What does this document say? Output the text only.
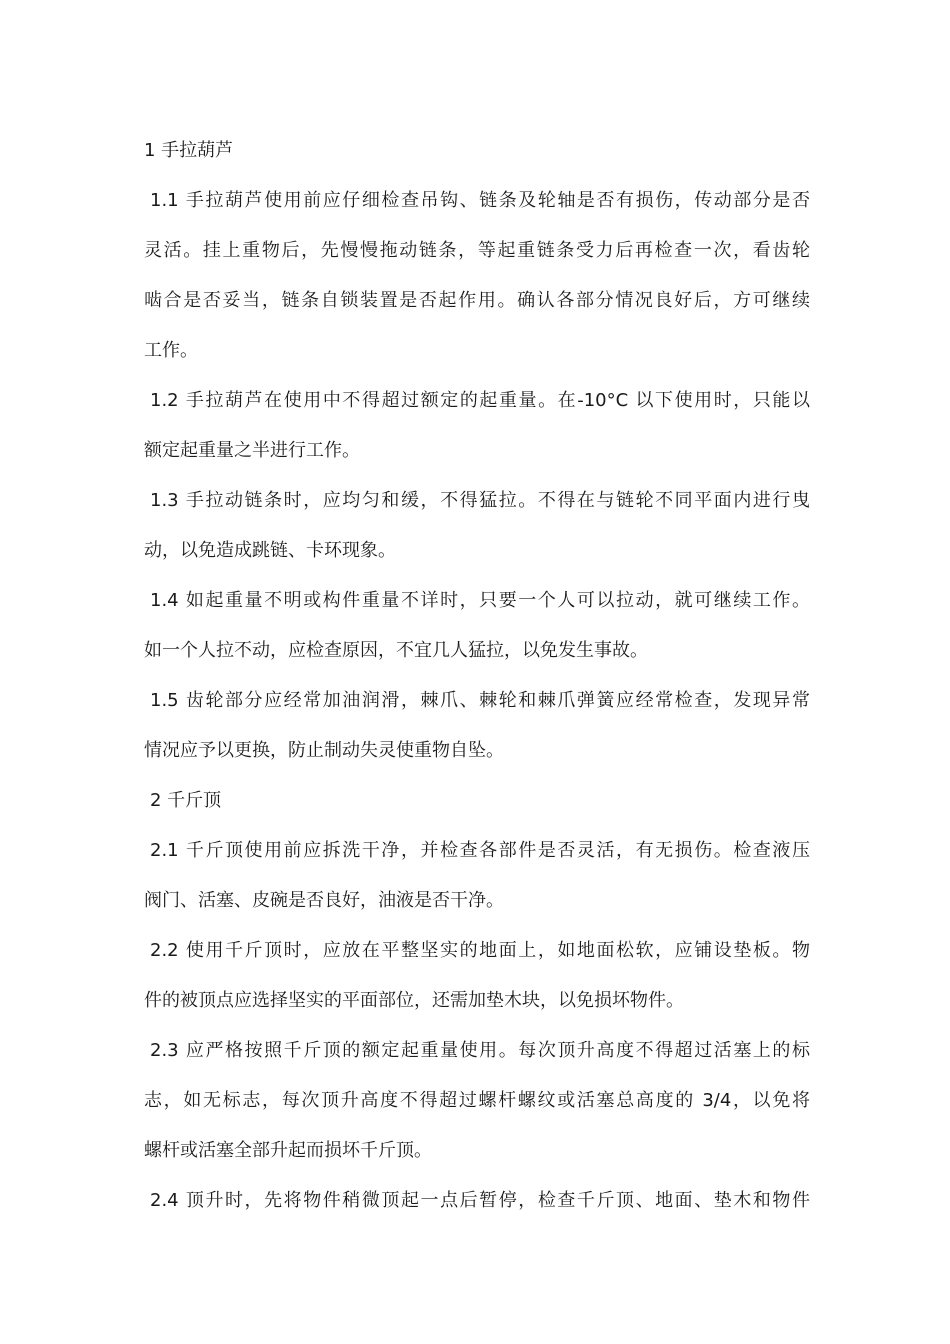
1 手拉葫芦
1.1 手拉葫芦使用前应仔细检查吊钩、链条及轮轴是否有损伤，传动部分是否
灵活。挂上重物后，先慢慢拖动链条，等起重链条受力后再检查一次，看齿轮
啮合是否妥当，链条自锁装置是否起作用。确认各部分情况良好后，方可继续
工作。
1.2 手拉葫芦在使用中不得超过额定的起重量。在-10°C 以下使用时，只能以
额定起重量之半进行工作。
1.3 手拉动链条时，应均匀和缓，不得猛拉。不得在与链轮不同平面内进行曳
动，以免造成跳链、卡环现象。
1.4 如起重量不明或构件重量不详时，只要一个人可以拉动，就可继续工作。
如一个人拉不动，应检查原因，不宜几人猛拉，以免发生事故。
1.5 齿轮部分应经常加油润滑，棘爪、棘轮和棘爪弹簧应经常检查，发现异常
情况应予以更换，防止制动失灵使重物自坠。
2 千斤顶
2.1 千斤顶使用前应拆洗干净，并检查各部件是否灵活，有无损伤。检查液压
阀门、活塞、皮碗是否良好，油液是否干净。
2.2 使用千斤顶时，应放在平整坚实的地面上，如地面松软，应铺设垫板。物
件的被顶点应选择坚实的平面部位，还需加垫木块，以免损坏物件。
2.3 应严格按照千斤顶的额定起重量使用。每次顶升高度不得超过活塞上的标
志，如无标志，每次顶升高度不得超过螺杆螺纹或活塞总高度的 3/4，以免将
螺杆或活塞全部升起而损坏千斤顶。
2.4 顶升时，先将物件稍微顶起一点后暂停，检查千斤顶、地面、垫木和物件
